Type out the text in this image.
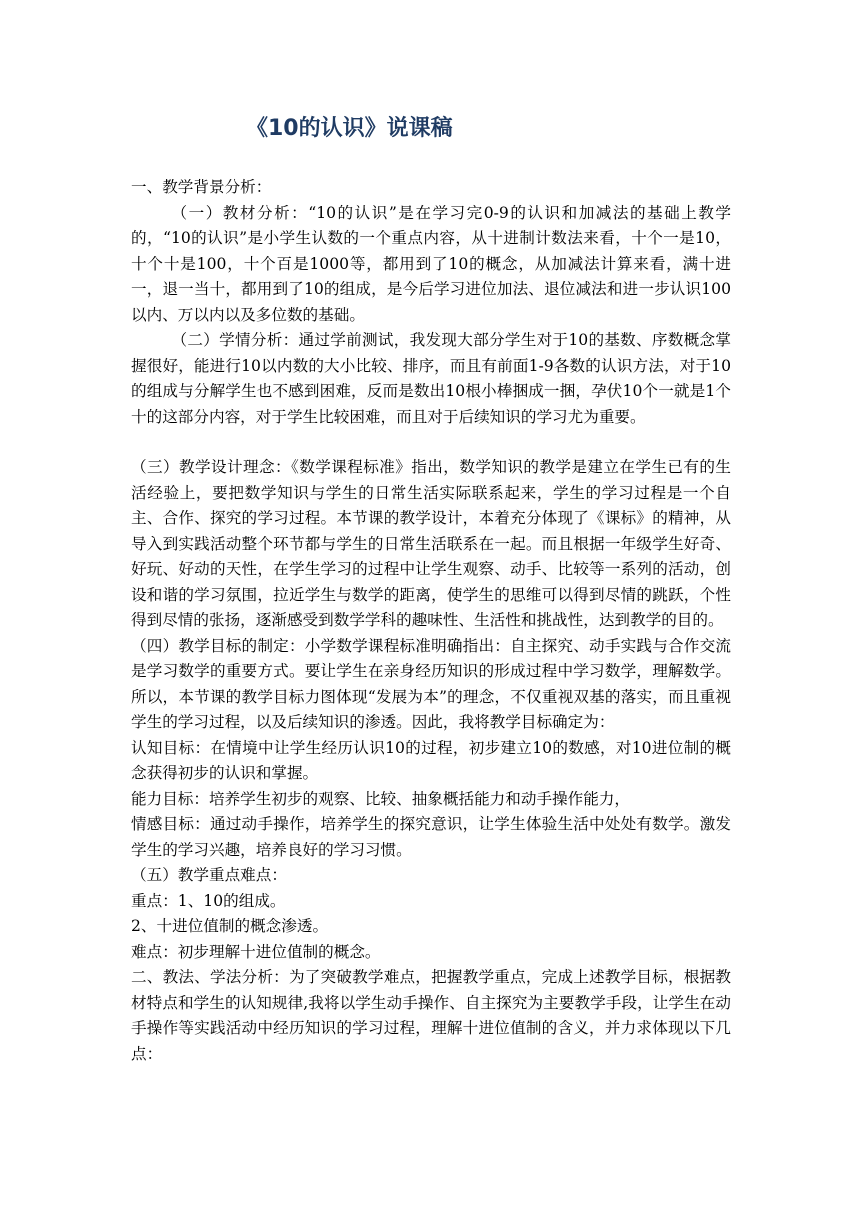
《10的认识》说课稿

一、教学背景分析：

（一）教材分析：“10的认识”是在学习完0-9的认识和加减法的基础上教学的，“10的认识”是小学生认数的一个重点内容，从十进制计数法来看，十个一是10，十个十是100，十个百是1000等，都用到了10的概念，从加减法计算来看，满十进一，退一当十，都用到了10的组成，是今后学习进位加法、退位减法和进一步认识100以内、万以内以及多位数的基础。

（二）学情分析：通过学前测试，我发现大部分学生对于10的基数、序数概念掌握很好，能进行10以内数的大小比较、排序，而且有前面1-9各数的认识方法，对于10的组成与分解学生也不感到困难，反而是数出10根小棒捆成一捆，孕伏10个一就是1个十的这部分内容，对于学生比较困难，而且对于后续知识的学习尤为重要。

（三）教学设计理念：《数学课程标准》指出，数学知识的教学是建立在学生已有的生活经验上，要把数学知识与学生的日常生活实际联系起来，学生的学习过程是一个自主、合作、探究的学习过程。本节课的教学设计，本着充分体现了《课标》的精神，从导入到实践活动整个环节都与学生的日常生活联系在一起。而且根据一年级学生好奇、好玩、好动的天性，在学生学习的过程中让学生观察、动手、比较等一系列的活动，创设和谐的学习氛围，拉近学生与数学的距离，使学生的思维可以得到尽情的跳跃，个性得到尽情的张扬，逐渐感受到数学学科的趣味性、生活性和挑战性，达到教学的目的。

（四）教学目标的制定：小学数学课程标准明确指出：自主探究、动手实践与合作交流是学习数学的重要方式。要让学生在亲身经历知识的形成过程中学习数学，理解数学。所以，本节课的教学目标力图体现“发展为本”的理念，不仅重视双基的落实，而且重视学生的学习过程，以及后续知识的渗透。因此，我将教学目标确定为：

认知目标：在情境中让学生经历认识10的过程，初步建立10的数感，对10进位制的概念获得初步的认识和掌握。

能力目标：培养学生初步的观察、比较、抽象概括能力和动手操作能力，

情感目标：通过动手操作，培养学生的探究意识，让学生体验生活中处处有数学。激发学生的学习兴趣，培养良好的学习习惯。

（五）教学重点难点：

重点：1、10的组成。

2、十进位值制的概念渗透。

难点：初步理解十进位值制的概念。

二、教法、学法分析：为了突破教学难点，把握教学重点，完成上述教学目标，根据教材特点和学生的认知规律,我将以学生动手操作、自主探究为主要教学手段，让学生在动手操作等实践活动中经历知识的学习过程，理解十进位值制的含义，并力求体现以下几点：
